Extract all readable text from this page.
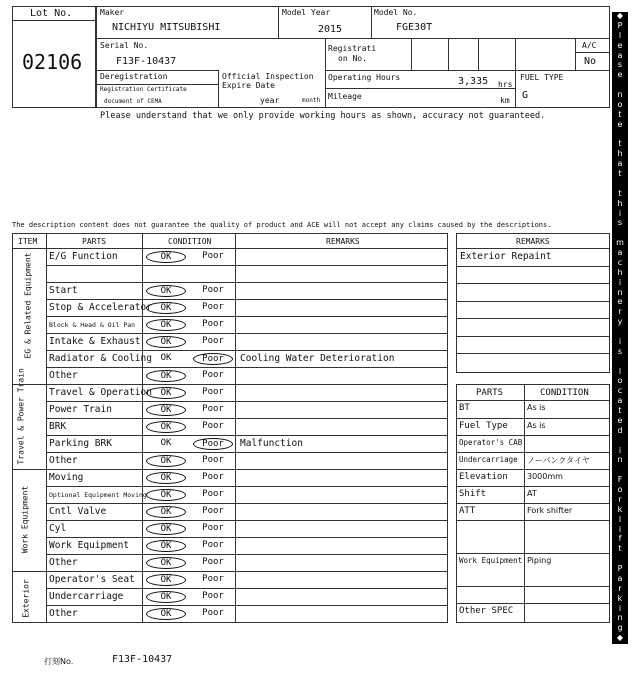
Lot No.
02106
Maker
NICHIYU MITSUBISHI
Model Year
2015
Model No.
FGE30T
Serial No.
F13F-10437
Registrati
on No.
A/C
No
Deregistration
Registration Certificate
document of CEMA
Official Inspection
Expire Date
year	month
Operating Hours	3,335 hrs
Mileage	km
FUEL TYPE
G
Please understand that we only provide working hours as shown, accuracy not guaranteed.
The description content does not guarantee the quality of product and ACE will not accept any claims caused by the descriptions.
ITEM	PARTS	CONDITION	REMARKS
EG & Related Equipment
Travel & Power Train
Work Equipment
Exterior
E/G Function	OK	Poor
Start	OK	Poor
Stop & Accelerator OK	Poor
Block & Head & Oil Pan	OK	Poor
Intake & Exhaust	OK	Poor
Radiator & Cooling OK	Poor	Cooling Water Deterioration
Other	OK	Poor
Travel & Operation OK	Poor
Power Train	OK	Poor
BRK	OK	Poor
Parking BRK	OK	Poor	Malfunction
Other	OK	Poor
Moving	OK	Poor
Optional Equipment Moving	OK	Poor
Cntl Valve	OK	Poor
Cyl	OK	Poor
Work Equipment	OK	Poor
Other	OK	Poor
Operator's Seat	OK	Poor
Undercarriage	OK	Poor
Other	OK	Poor
REMARKS
Exterior Repaint
PARTS	CONDITION
BT	As is
Fuel Type As is
Operator's CAB
Undercarriage ノーパンクタイヤ
Elevation 3000mm
Shift	AT
ATT	Fork shifter
Work Equipment Piping
Other SPEC
◆
P
l
e
a
s
e
n
o
t
e
t
h
a
t
t
h
i
s
m
a
c
h
i
n
e
r
y
i
s
l
o
c
a
t
e
d
i
n
F
o
r
k
l
i
f
t
P
a
r
k
i
n
g
◆
打刻No.	F13F-10437
